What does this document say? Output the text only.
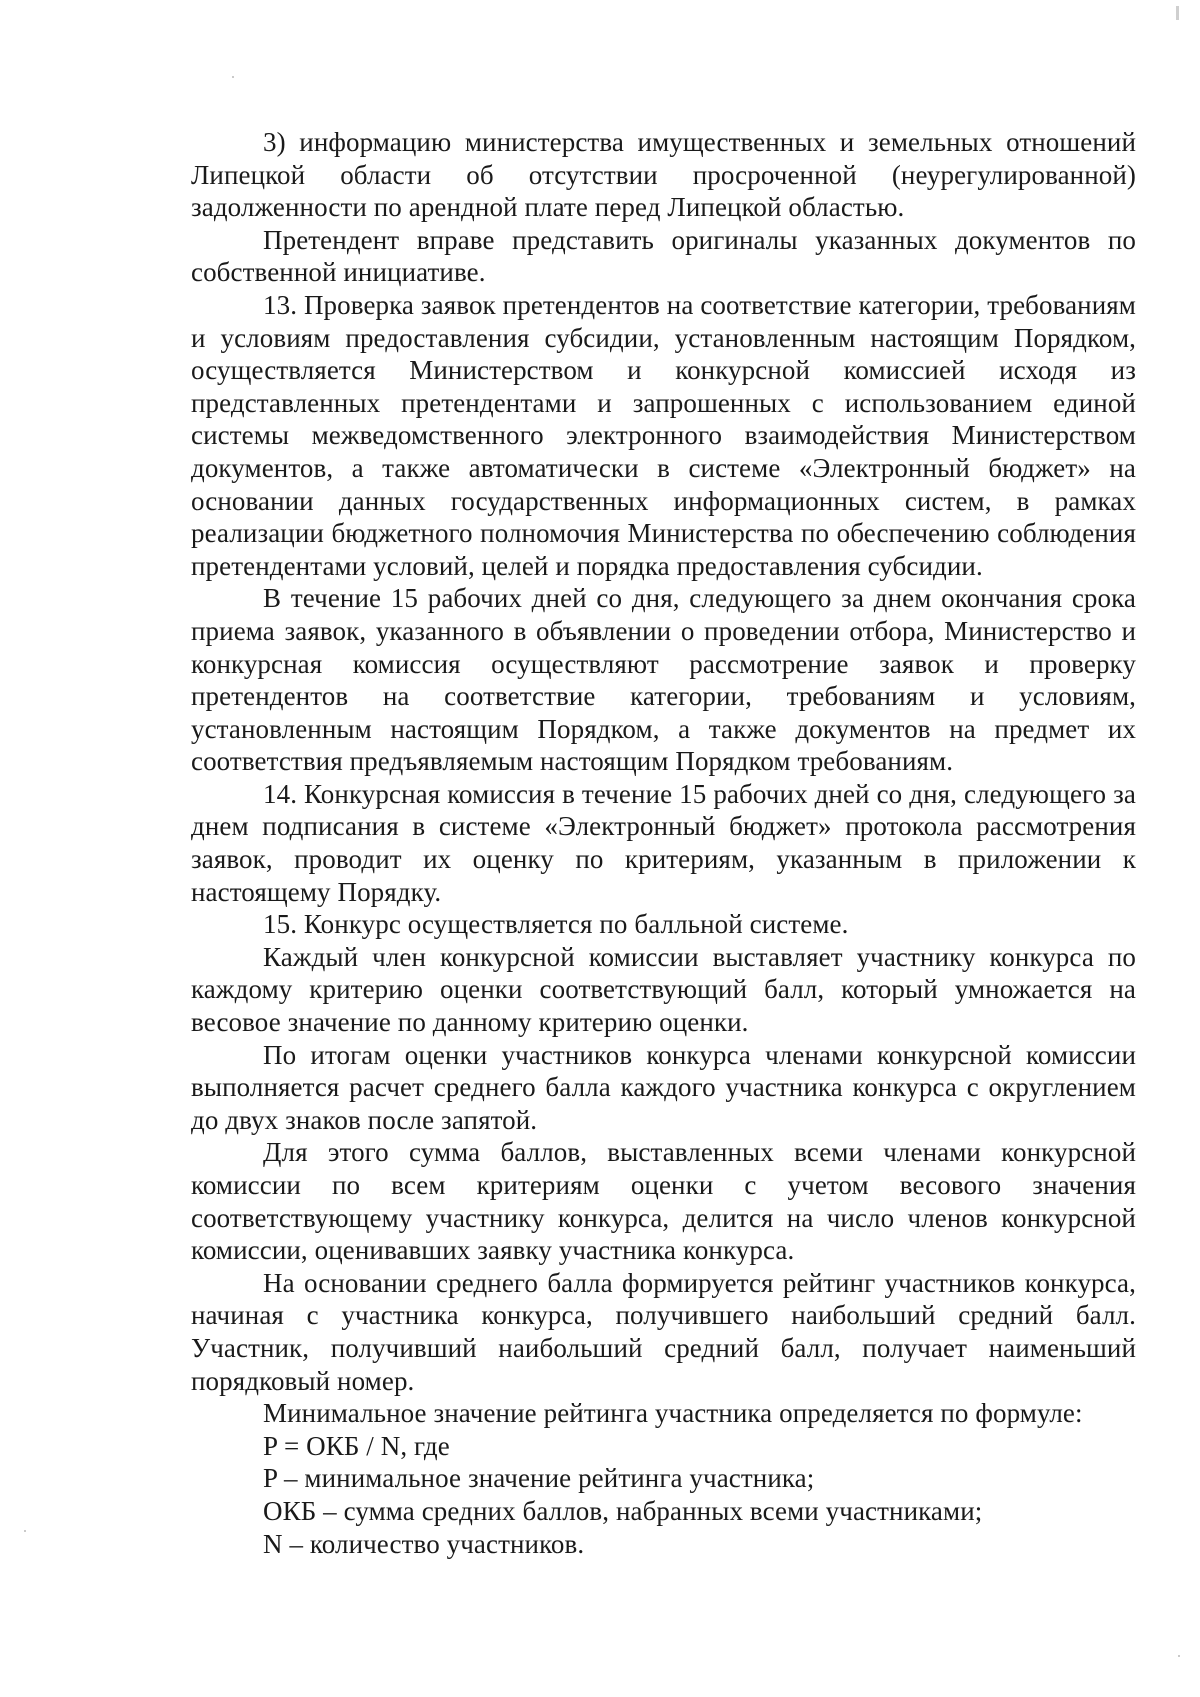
3) информацию министерства имущественных и земельных отношений Липецкой области об отсутствии просроченной (неурегулированной) задолженности по арендной плате перед Липецкой областью.

Претендент вправе представить оригиналы указанных документов по собственной инициативе.

13. Проверка заявок претендентов на соответствие категории, требованиям и условиям предоставления субсидии, установленным настоящим Порядком, осуществляется Министерством и конкурсной комиссией исходя из представленных претендентами и запрошенных с использованием единой системы межведомственного электронного взаимодействия Министерством документов, а также автоматически в системе «Электронный бюджет» на основании данных государственных информационных систем, в рамках реализации бюджетного полномочия Министерства по обеспечению соблюдения претендентами условий, целей и порядка предоставления субсидии.

В течение 15 рабочих дней со дня, следующего за днем окончания срока приема заявок, указанного в объявлении о проведении отбора, Министерство и конкурсная комиссия осуществляют рассмотрение заявок и проверку претендентов на соответствие категории, требованиям и условиям, установленным настоящим Порядком, а также документов на предмет их соответствия предъявляемым настоящим Порядком требованиям.

14. Конкурсная комиссия в течение 15 рабочих дней со дня, следующего за днем подписания в системе «Электронный бюджет» протокола рассмотрения заявок, проводит их оценку по критериям, указанным в приложении к настоящему Порядку.

15. Конкурс осуществляется по балльной системе.

Каждый член конкурсной комиссии выставляет участнику конкурса по каждому критерию оценки соответствующий балл, который умножается на весовое значение по данному критерию оценки.

По итогам оценки участников конкурса членами конкурсной комиссии выполняется расчет среднего балла каждого участника конкурса с округлением до двух знаков после запятой.

Для этого сумма баллов, выставленных всеми членами конкурсной комиссии по всем критериям оценки с учетом весового значения соответствующему участнику конкурса, делится на число членов конкурсной комиссии, оценивавших заявку участника конкурса.

На основании среднего балла формируется рейтинг участников конкурса, начиная с участника конкурса, получившего наибольший средний балл. Участник, получивший наибольший средний балл, получает наименьший порядковый номер.

Минимальное значение рейтинга участника определяется по формуле:

P = ОКБ / N, где

P – минимальное значение рейтинга участника;

ОКБ – сумма средних баллов, набранных всеми участниками;

N – количество участников.
